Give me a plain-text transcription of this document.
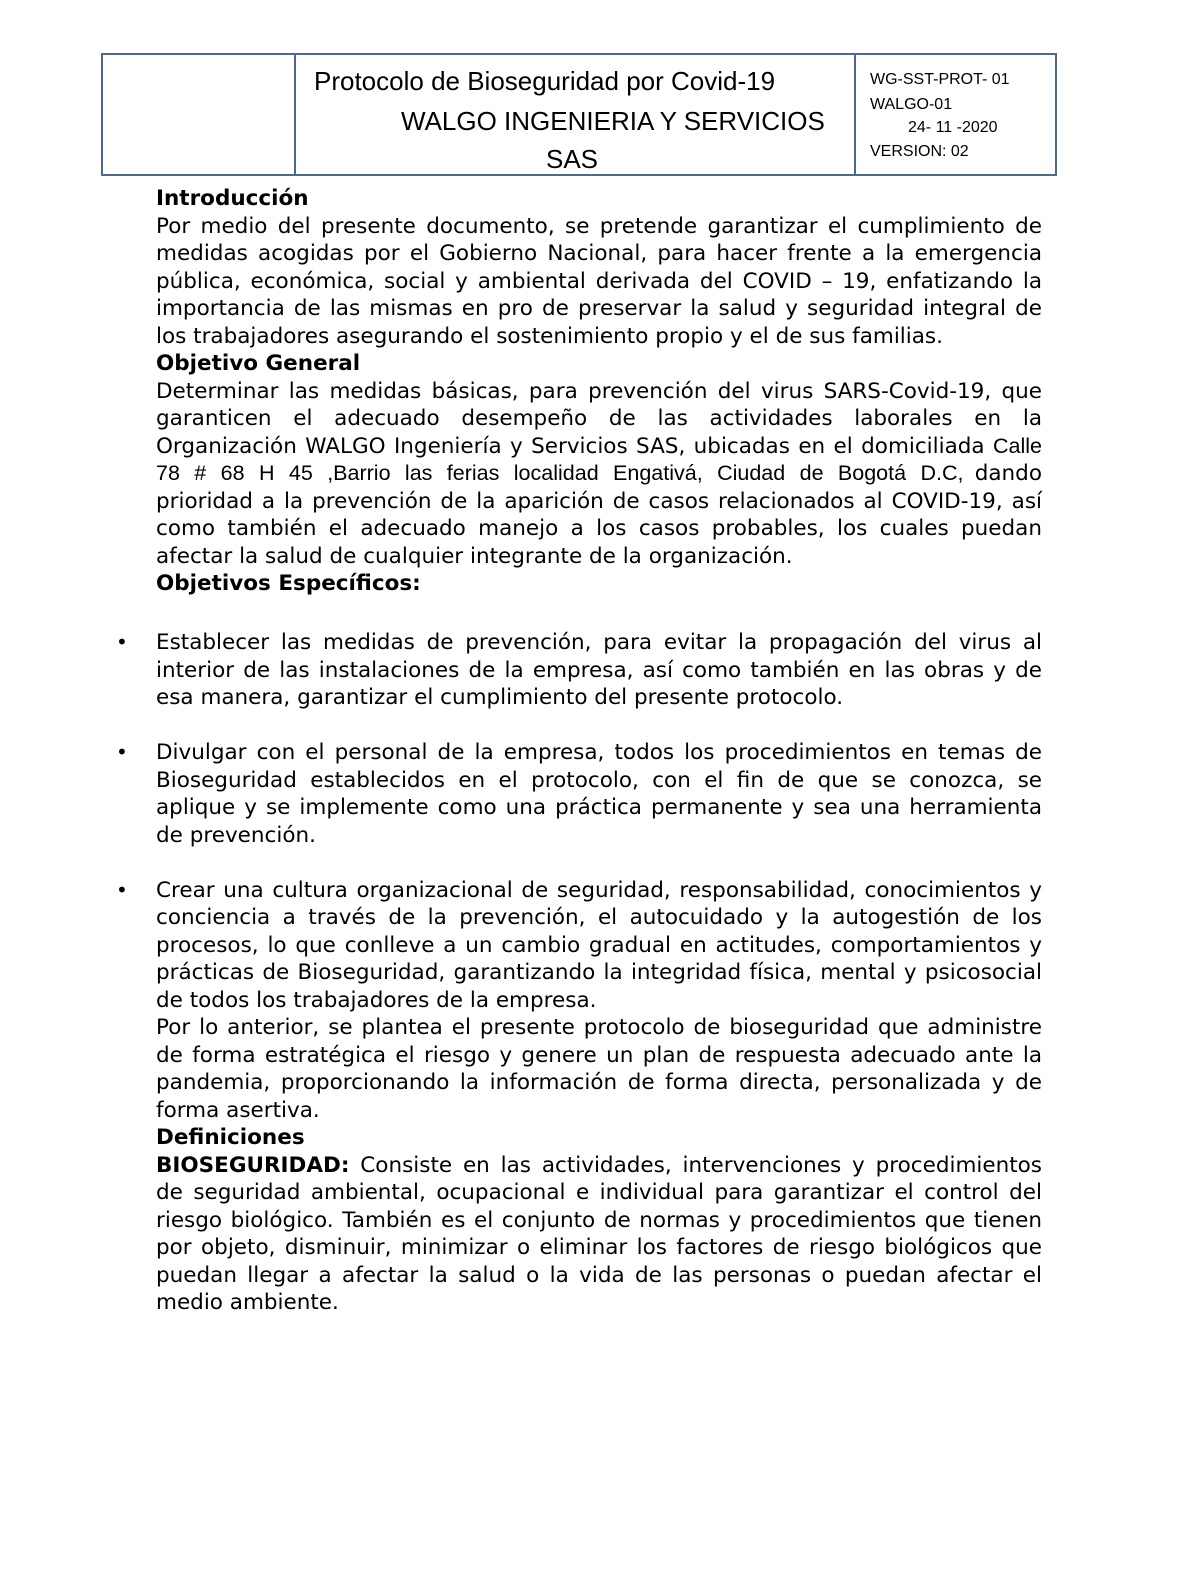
Protocolo de Bioseguridad por Covid-19
WALGO INGENIERIA Y SERVICIOS
SAS
WG-SST-PROT- 01
WALGO-01
24- 11 -2020
VERSION: 02
Introducción

Por medio del presente documento, se pretende garantizar el cumplimiento de medidas acogidas por el Gobierno Nacional, para hacer frente a la emergencia pública, económica, social y ambiental derivada del COVID – 19, enfatizando la importancia de las mismas en pro de preservar la salud y seguridad integral de los trabajadores asegurando el sostenimiento propio y el de sus familias.

Objetivo General

Determinar las medidas básicas, para prevención del virus SARS-Covid-19, que garanticen el adecuado desempeño de las actividades laborales en la Organización WALGO Ingeniería y Servicios SAS, ubicadas en el domiciliada Calle 78 # 68 H 45 ,Barrio las ferias localidad Engativá, Ciudad de Bogotá D.C, dando prioridad a la prevención de la aparición de casos relacionados al COVID-19, así como también el adecuado manejo a los casos probables, los cuales puedan afectar la salud de cualquier integrante de la organización.

Objetivos Específicos:
• Establecer las medidas de prevención, para evitar la propagación del virus al interior de las instalaciones de la empresa, así como también en las obras y de esa manera, garantizar el cumplimiento del presente protocolo.
• Divulgar con el personal de la empresa, todos los procedimientos en temas de Bioseguridad establecidos en el protocolo, con el fin de que se conozca, se aplique y se implemente como una práctica permanente y sea una herramienta de prevención.
• Crear una cultura organizacional de seguridad, responsabilidad, conocimientos y conciencia a través de la prevención, el autocuidado y la autogestión de los procesos, lo que conlleve a un cambio gradual en actitudes, comportamientos y prácticas de Bioseguridad, garantizando la integridad física, mental y psicosocial de todos los trabajadores de la empresa.

Por lo anterior, se plantea el presente protocolo de bioseguridad que administre de forma estratégica el riesgo y genere un plan de respuesta adecuado ante la pandemia, proporcionando la información de forma directa, personalizada y de forma asertiva.

Definiciones

BIOSEGURIDAD: Consiste en las actividades, intervenciones y procedimientos de seguridad ambiental, ocupacional e individual para garantizar el control del riesgo biológico. También es el conjunto de normas y procedimientos que tienen por objeto, disminuir, minimizar o eliminar los factores de riesgo biológicos que puedan llegar a afectar la salud o la vida de las personas o puedan afectar el medio ambiente.
